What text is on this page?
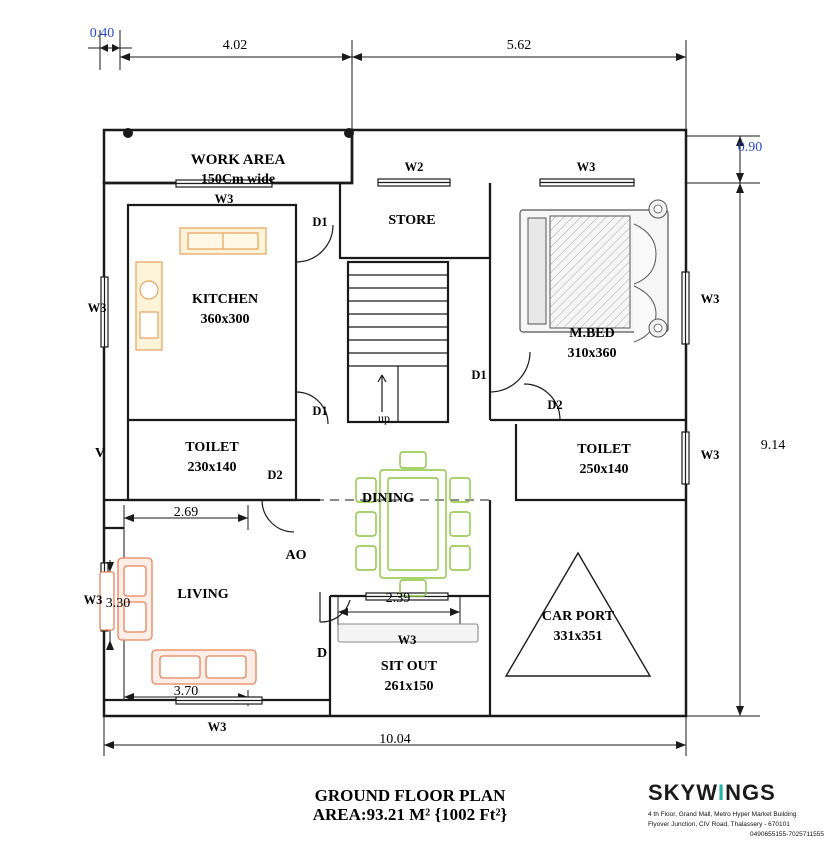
0.40
4.02	5.62
0.90
9.14
10.04
2.69
3.70
3.30	2.39
WORK AREA
150Cm wide
KITCHEN
360x300
STORE
M.BED
310x360
TOILET
230x140
TOILET
250x140
DINING
LIVING
SIT OUT
261x150
CAR PORT
331x351
up
AO
V
D
W3
W2	W3
W3
W3
W3
W3
W3
W3
D1
D1
D1
D2
D2
GROUND FLOOR PLAN
AREA:93.21 M² {1002 Ft²}
SKYWINGS
4 th Floor, Grand Mall, Metro Hyper Market Building
Flyover Junction, CIV Road, Thalassery - 670101
0490655155-7025711555
